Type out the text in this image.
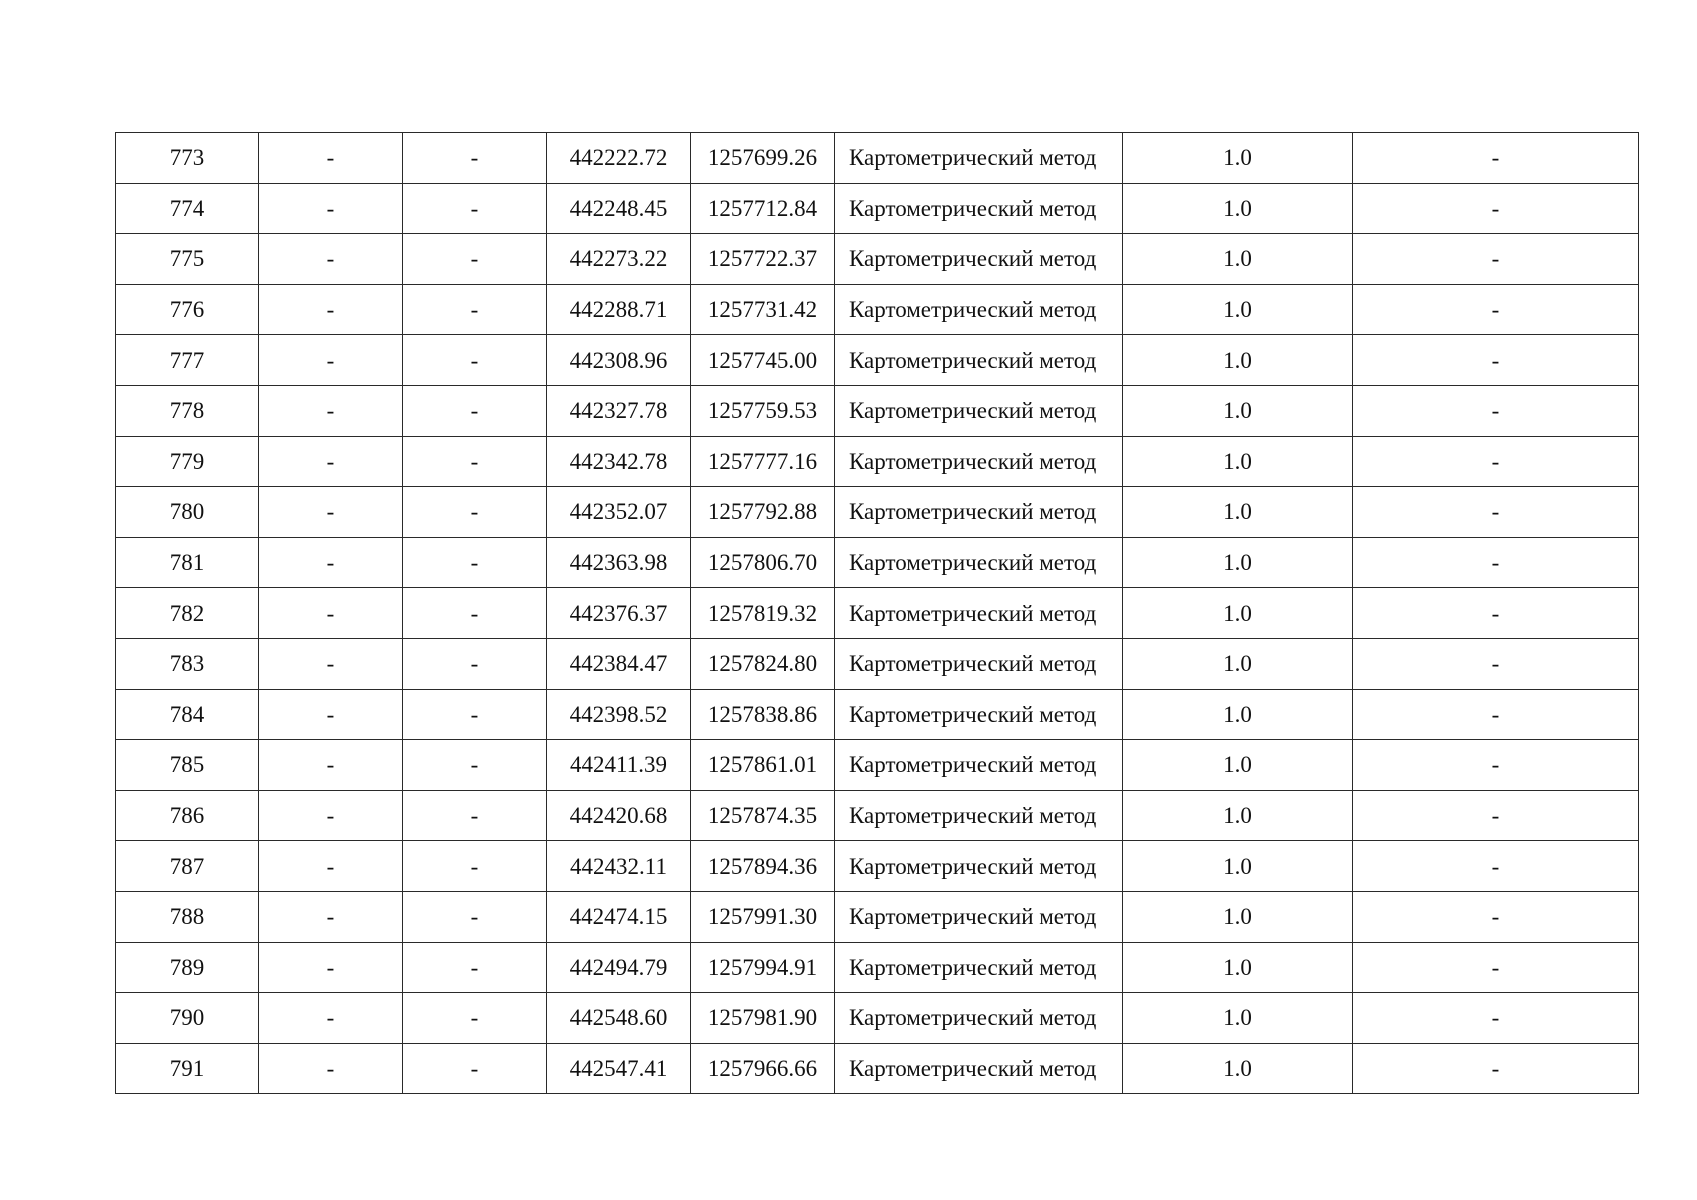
773	-	-	442222.72	1257699.26	Картометрический метод	1.0	-
774	-	-	442248.45	1257712.84	Картометрический метод	1.0	-
775	-	-	442273.22	1257722.37	Картометрический метод	1.0	-
776	-	-	442288.71	1257731.42	Картометрический метод	1.0	-
777	-	-	442308.96	1257745.00	Картометрический метод	1.0	-
778	-	-	442327.78	1257759.53	Картометрический метод	1.0	-
779	-	-	442342.78	1257777.16	Картометрический метод	1.0	-
780	-	-	442352.07	1257792.88	Картометрический метод	1.0	-
781	-	-	442363.98	1257806.70	Картометрический метод	1.0	-
782	-	-	442376.37	1257819.32	Картометрический метод	1.0	-
783	-	-	442384.47	1257824.80	Картометрический метод	1.0	-
784	-	-	442398.52	1257838.86	Картометрический метод	1.0	-
785	-	-	442411.39	1257861.01	Картометрический метод	1.0	-
786	-	-	442420.68	1257874.35	Картометрический метод	1.0	-
787	-	-	442432.11	1257894.36	Картометрический метод	1.0	-
788	-	-	442474.15	1257991.30	Картометрический метод	1.0	-
789	-	-	442494.79	1257994.91	Картометрический метод	1.0	-
790	-	-	442548.60	1257981.90	Картометрический метод	1.0	-
791	-	-	442547.41	1257966.66	Картометрический метод	1.0	-
